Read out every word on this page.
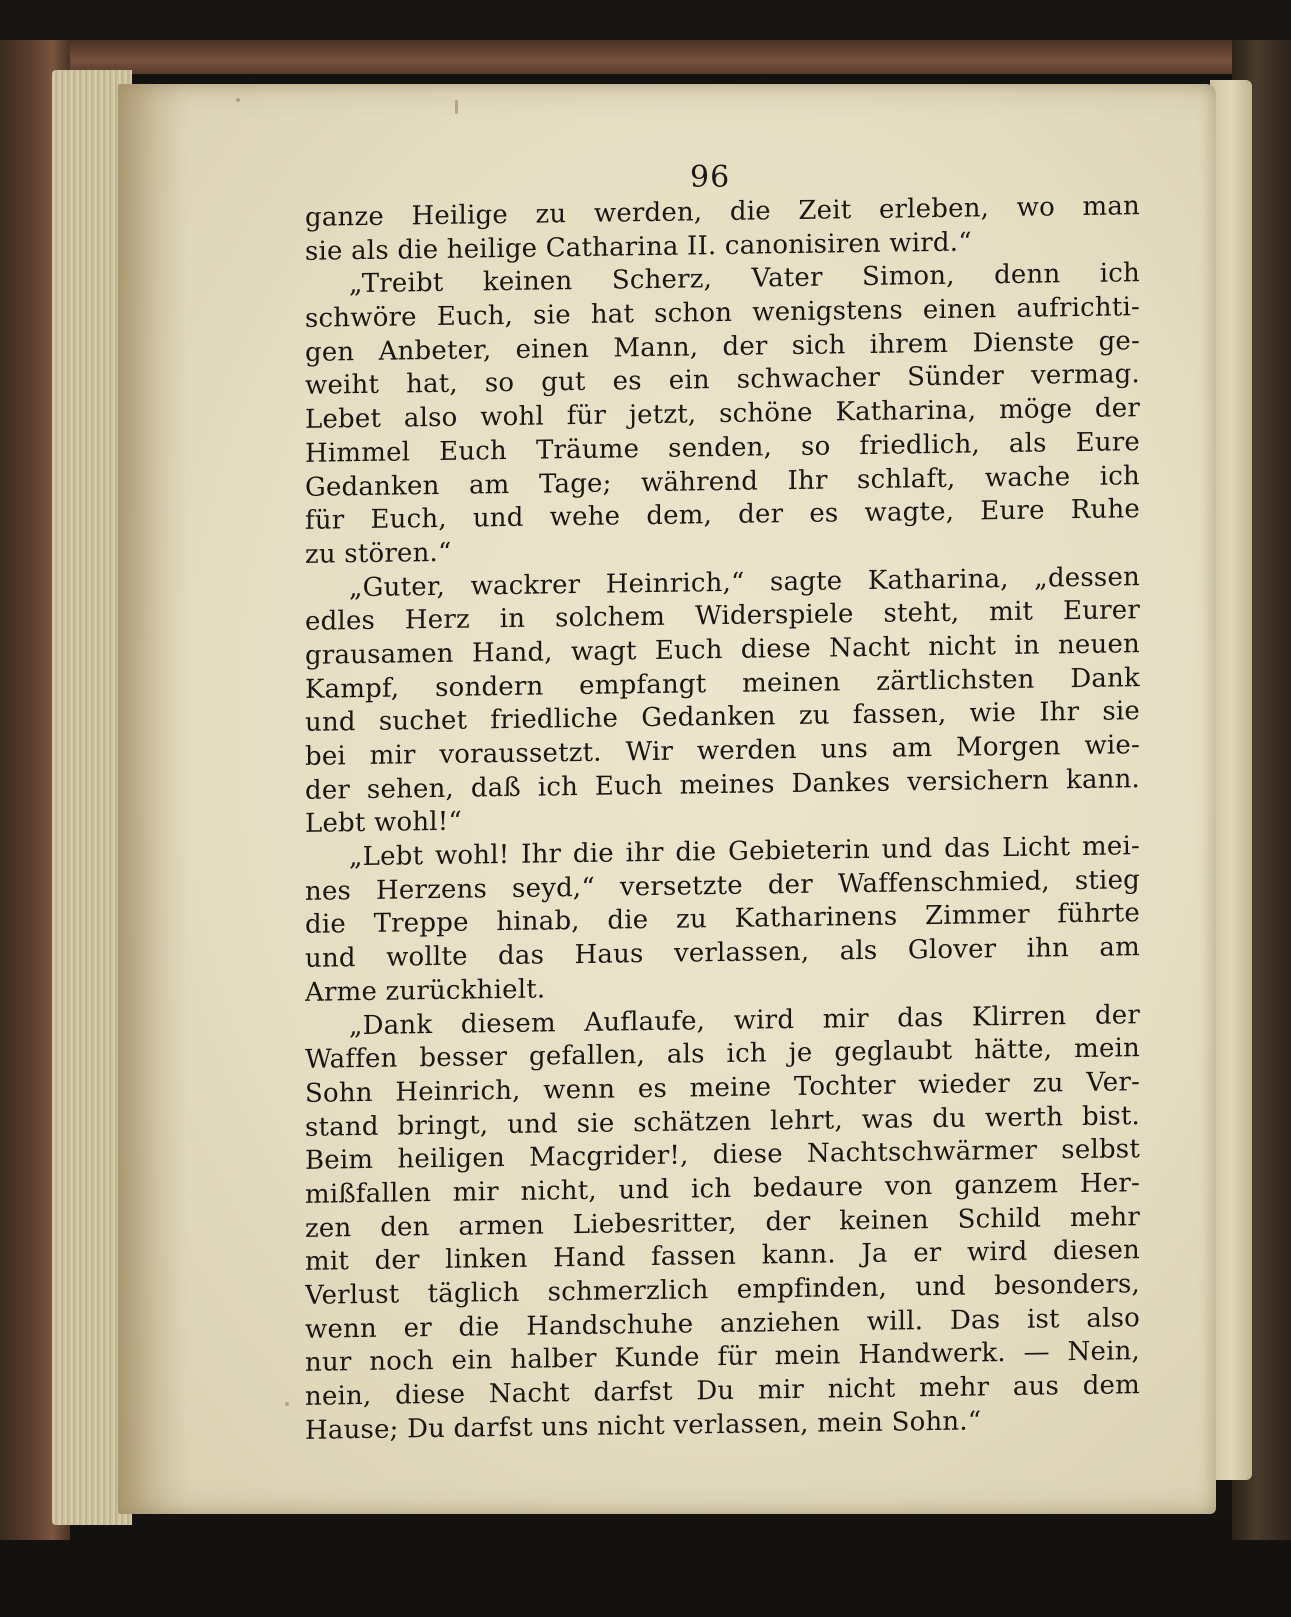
96
ganze Heilige zu werden, die Zeit erleben, wo man
sie als die heilige Catharina II. canonisiren wird.“
„Treibt keinen Scherz, Vater Simon, denn ich
schwöre Euch, sie hat schon wenigstens einen aufrichti-
gen Anbeter, einen Mann, der sich ihrem Dienste ge-
weiht hat, so gut es ein schwacher Sünder vermag.
Lebet also wohl für jetzt, schöne Katharina, möge der
Himmel Euch Träume senden, so friedlich, als Eure
Gedanken am Tage; während Ihr schlaft, wache ich
für Euch, und wehe dem, der es wagte, Eure Ruhe
zu stören.“
„Guter, wackrer Heinrich,“ sagte Katharina, „dessen
edles Herz in solchem Widerspiele steht, mit Eurer
grausamen Hand, wagt Euch diese Nacht nicht in neuen
Kampf, sondern empfangt meinen zärtlichsten Dank
und suchet friedliche Gedanken zu fassen, wie Ihr sie
bei mir voraussetzt. Wir werden uns am Morgen wie-
der sehen, daß ich Euch meines Dankes versichern kann.
Lebt wohl!“
„Lebt wohl! Ihr die ihr die Gebieterin und das Licht mei-
nes Herzens seyd,“ versetzte der Waffenschmied, stieg
die Treppe hinab, die zu Katharinens Zimmer führte
und wollte das Haus verlassen, als Glover ihn am
Arme zurückhielt.
„Dank diesem Auflaufe, wird mir das Klirren der
Waffen besser gefallen, als ich je geglaubt hätte, mein
Sohn Heinrich, wenn es meine Tochter wieder zu Ver-
stand bringt, und sie schätzen lehrt, was du werth bist.
Beim heiligen Macgrider!, diese Nachtschwärmer selbst
mißfallen mir nicht, und ich bedaure von ganzem Her-
zen den armen Liebesritter, der keinen Schild mehr
mit der linken Hand fassen kann. Ja er wird diesen
Verlust täglich schmerzlich empfinden, und besonders,
wenn er die Handschuhe anziehen will. Das ist also
nur noch ein halber Kunde für mein Handwerk. — Nein,
nein, diese Nacht darfst Du mir nicht mehr aus dem
Hause; Du darfst uns nicht verlassen, mein Sohn.“
